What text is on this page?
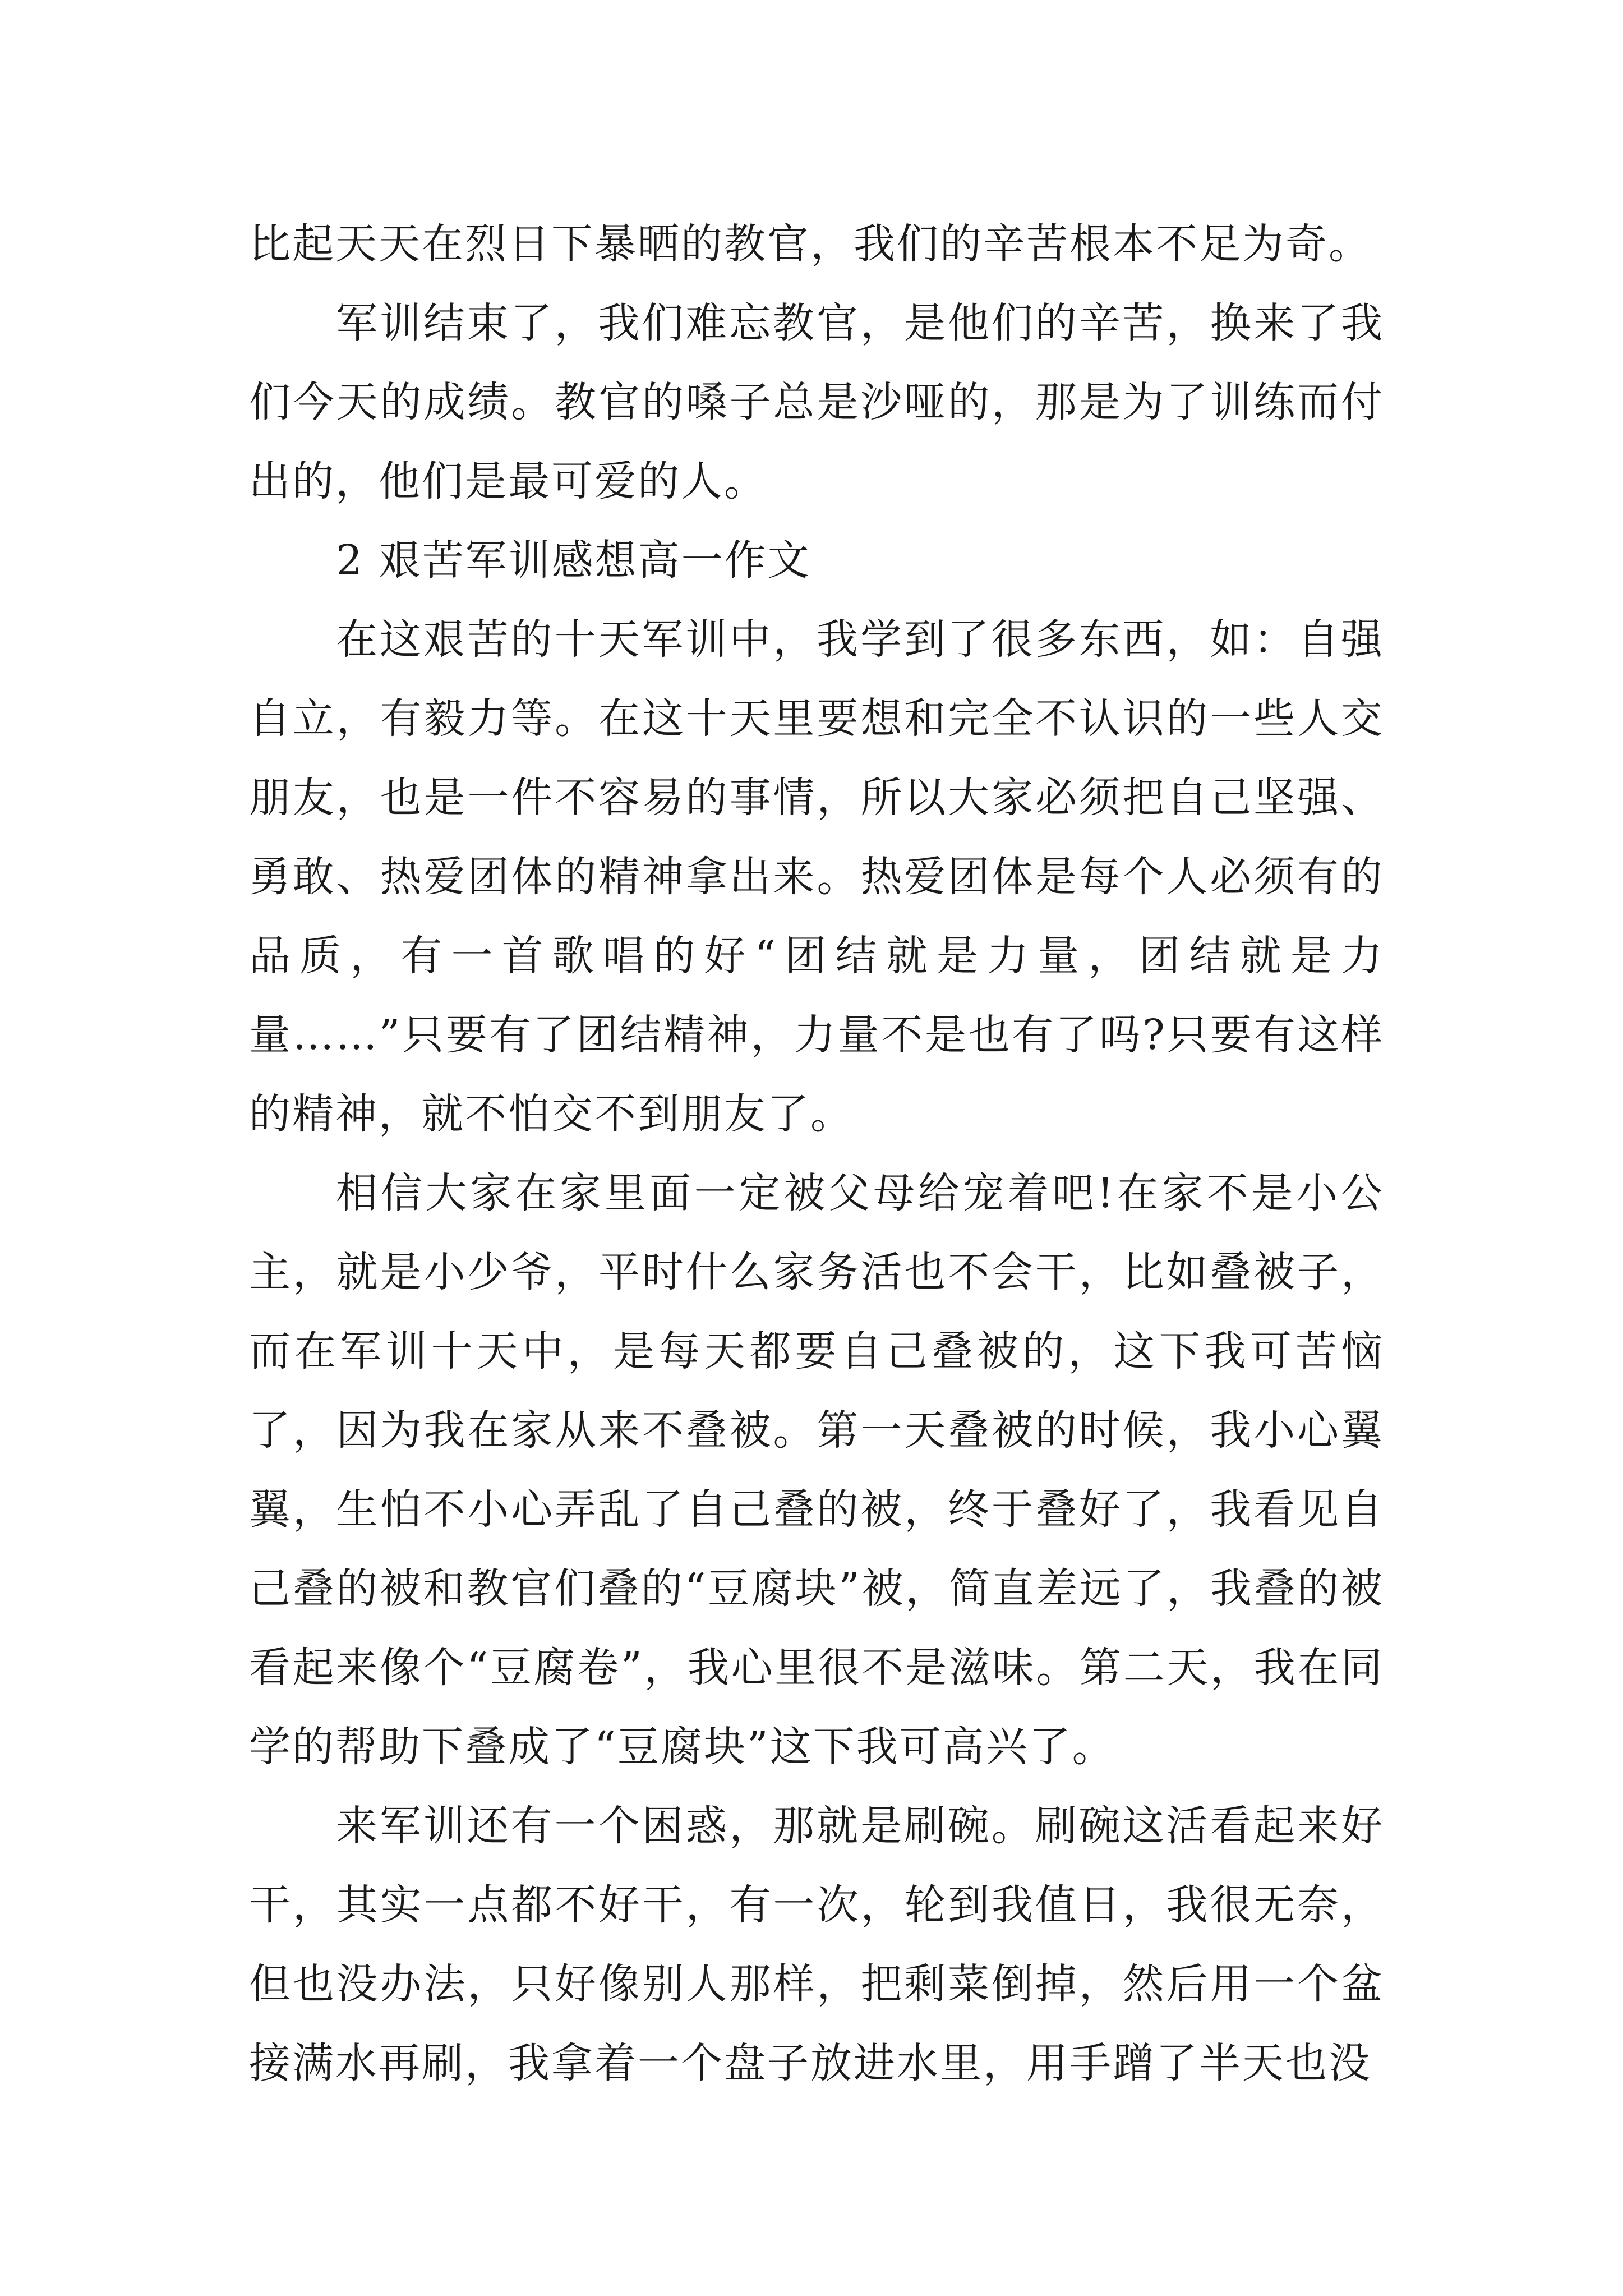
比起天天在烈日下暴晒的教官，我们的辛苦根本不足为奇。

军训结束了，我们难忘教官，是他们的辛苦，换来了我们今天的成绩。教官的嗓子总是沙哑的，那是为了训练而付出的，他们是最可爱的人。

2 艰苦军训感想高一作文

在这艰苦的十天军训中，我学到了很多东西，如：自强自立，有毅力等。在这十天里要想和完全不认识的一些人交朋友，也是一件不容易的事情，所以大家必须把自己坚强、勇敢、热爱团体的精神拿出来。热爱团体是每个人必须有的品质，有一首歌唱的好“团结就是力量，团结就是力量……”只要有了团结精神，力量不是也有了吗?只要有这样的精神，就不怕交不到朋友了。

相信大家在家里面一定被父母给宠着吧!在家不是小公主，就是小少爷，平时什么家务活也不会干，比如叠被子，而在军训十天中，是每天都要自己叠被的，这下我可苦恼了，因为我在家从来不叠被。第一天叠被的时候，我小心翼翼，生怕不小心弄乱了自己叠的被，终于叠好了，我看见自己叠的被和教官们叠的“豆腐块”被，简直差远了，我叠的被看起来像个“豆腐卷”，我心里很不是滋味。第二天，我在同学的帮助下叠成了“豆腐块”这下我可高兴了。

来军训还有一个困惑，那就是刷碗。刷碗这活看起来好干，其实一点都不好干，有一次，轮到我值日，我很无奈，但也没办法，只好像别人那样，把剩菜倒掉，然后用一个盆接满水再刷，我拿着一个盘子放进水里，用手蹭了半天也没
